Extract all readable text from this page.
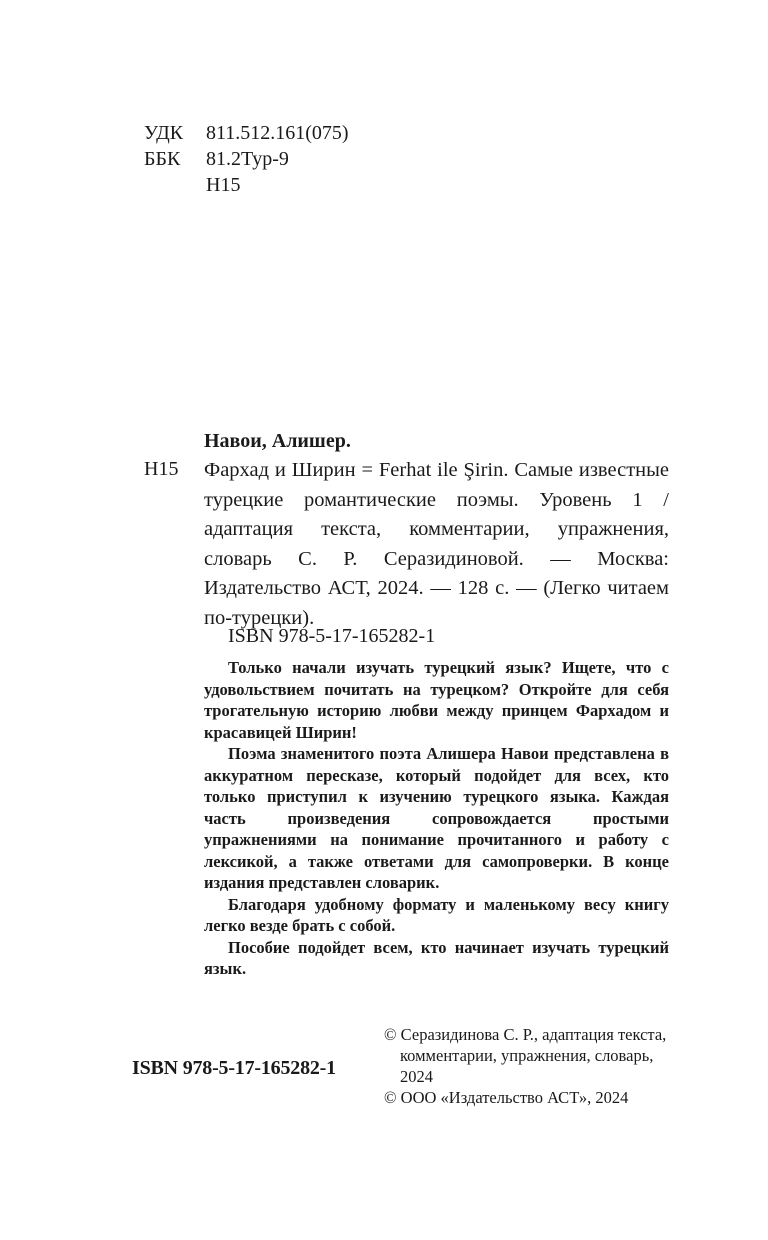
УДК 811.512.161(075)
ББК 81.2Тур-9
Н15
Навои, Алишер.
Н15 Фархад и Ширин = Ferhat ile Şirin. Самые известные турецкие романтические поэмы. Уровень 1 / адаптация текста, комментарии, упражнения, словарь С. Р. Серазидиновой. — Москва: Издательство АСТ, 2024. — 128 с. — (Легко читаем по-турецки).
ISBN 978-5-17-165282-1

Только начали изучать турецкий язык? Ищете, что с удовольствием почитать на турецком? Откройте для себя трогательную историю любви между принцем Фархадом и красавицей Ширин!

Поэма знаменитого поэта Алишера Навои представлена в аккуратном пересказе, который подойдет для всех, кто только приступил к изучению турецкого языка. Каждая часть произведения сопровождается простыми упражнениями на понимание прочитанного и работу с лексикой, а также ответами для самопроверки. В конце издания представлен словарик.

Благодаря удобному формату и маленькому весу книгу легко везде брать с собой.

Пособие подойдет всем, кто начинает изучать турецкий язык.

ISBN 978-5-17-165282-1

© Серазидинова С. Р., адаптация текста,

комментарии, упражнения, словарь, 2024

© ООО «Издательство АСТ», 2024
